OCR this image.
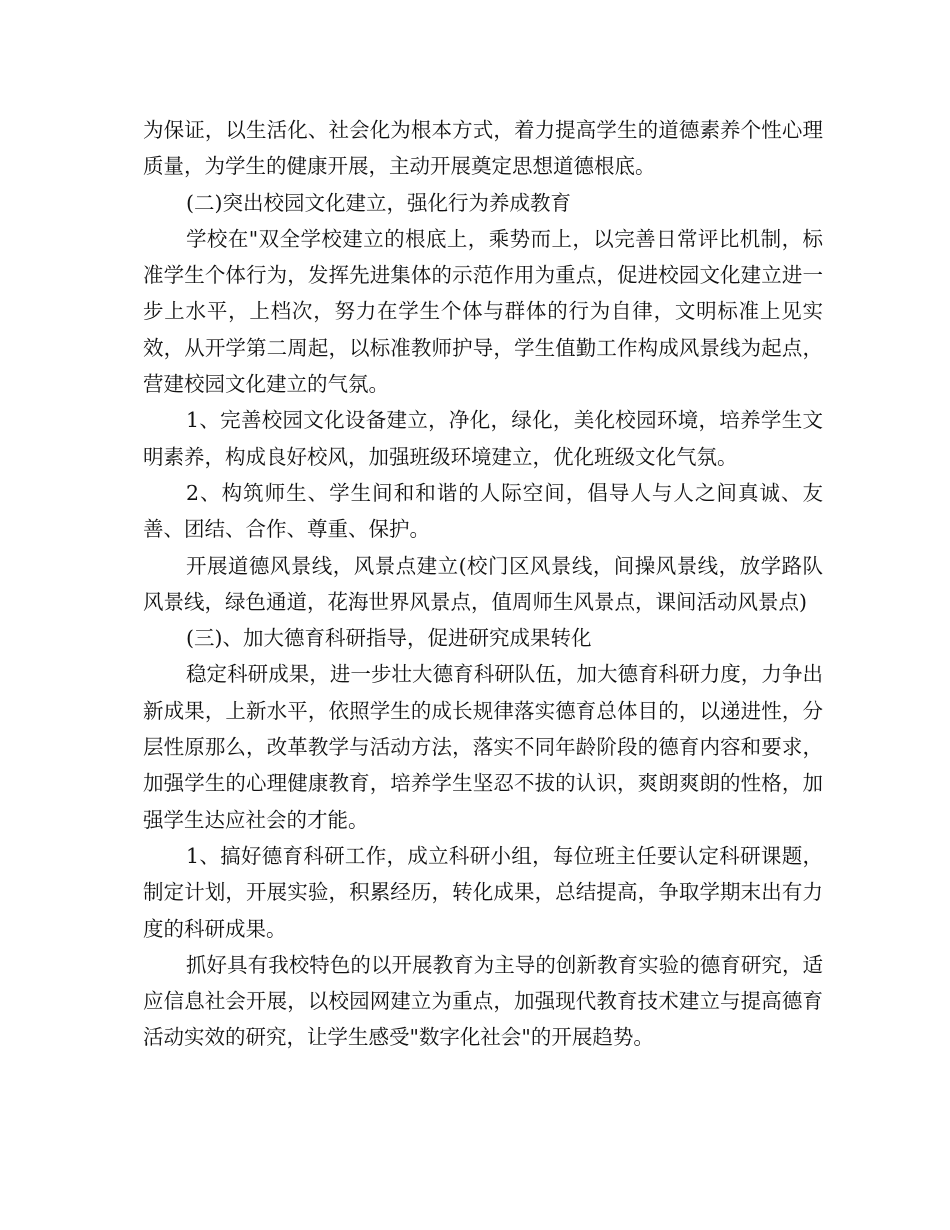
为保证，以生活化、社会化为根本方式，着力提高学生的道德素养个性心理质量，为学生的健康开展，主动开展奠定思想道德根底。

(二)突出校园文化建立，强化行为养成教育

学校在"双全学校建立的根底上，乘势而上，以完善日常评比机制，标准学生个体行为，发挥先进集体的示范作用为重点，促进校园文化建立进一步上水平，上档次，努力在学生个体与群体的行为自律，文明标准上见实效，从开学第二周起，以标准教师护导，学生值勤工作构成风景线为起点，营建校园文化建立的气氛。

1、完善校园文化设备建立，净化，绿化，美化校园环境，培养学生文明素养，构成良好校风，加强班级环境建立，优化班级文化气氛。

2、构筑师生、学生间和和谐的人际空间，倡导人与人之间真诚、友善、团结、合作、尊重、保护。

开展道德风景线，风景点建立(校门区风景线，间操风景线，放学路队风景线，绿色通道，花海世界风景点，值周师生风景点，课间活动风景点)

(三)、加大德育科研指导，促进研究成果转化

稳定科研成果，进一步壮大德育科研队伍，加大德育科研力度，力争出新成果，上新水平，依照学生的成长规律落实德育总体目的，以递进性，分层性原那么，改革教学与活动方法，落实不同年龄阶段的德育内容和要求，加强学生的心理健康教育，培养学生坚忍不拔的认识，爽朗爽朗的性格，加强学生达应社会的才能。

1、搞好德育科研工作，成立科研小组，每位班主任要认定科研课题，制定计划，开展实验，积累经历，转化成果，总结提高，争取学期末出有力度的科研成果。

抓好具有我校特色的以开展教育为主导的创新教育实验的德育研究，适应信息社会开展，以校园网建立为重点，加强现代教育技术建立与提高德育活动实效的研究，让学生感受"数字化社会"的开展趋势。
